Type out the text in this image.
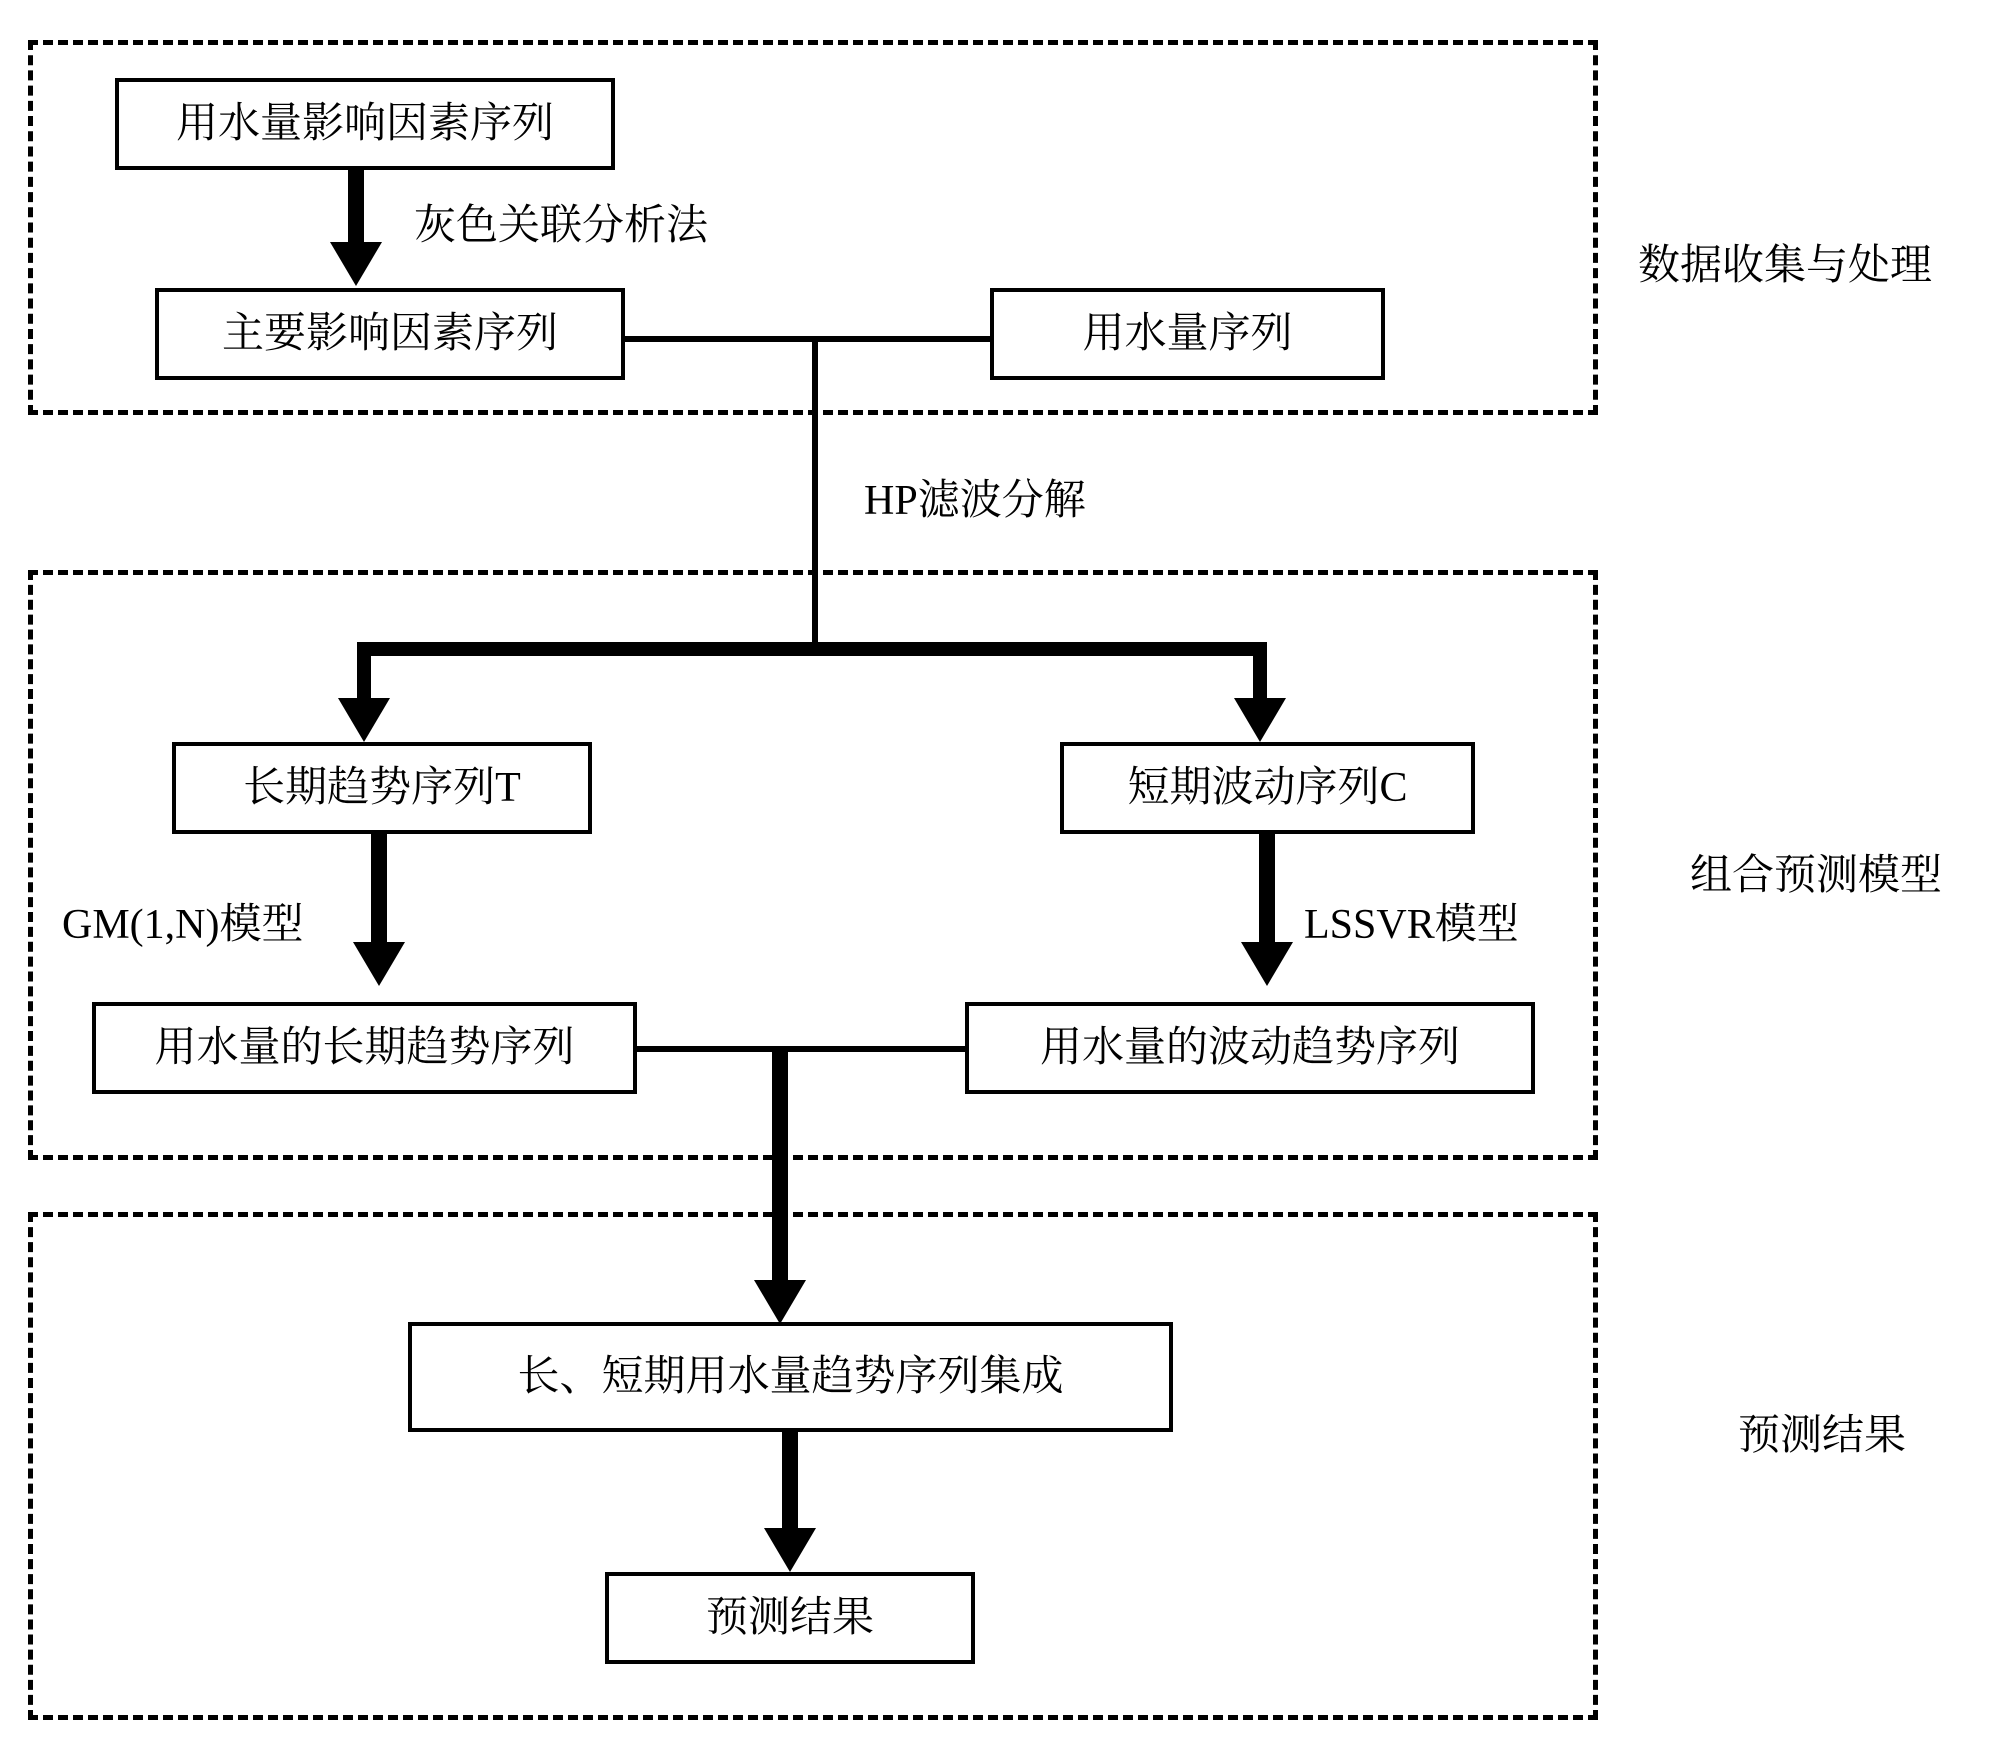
数据收集与处理
用水量影响因素序列
灰色关联分析法
主要影响因素序列	用水量序列
HP滤波分解
组合预测模型
长期趋势序列T	短期波动序列C
GM(1,N)模型	LSSVR模型
用水量的长期趋势序列	用水量的波动趋势序列
预测结果
长、短期用水量趋势序列集成
预测结果
